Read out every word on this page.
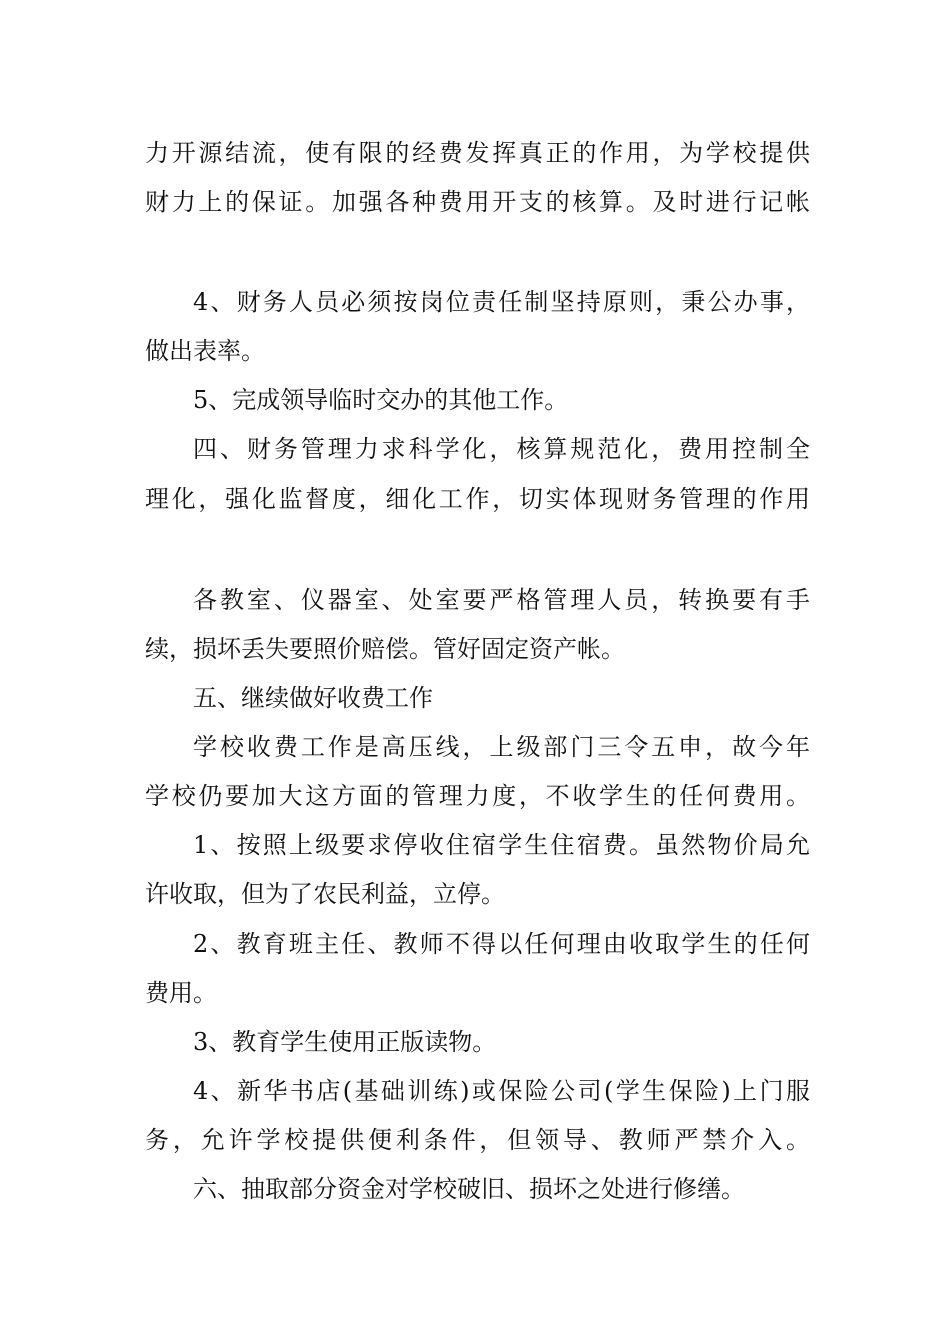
力开源结流，使有限的经费发挥真正的作用，为学校提供
财力上的保证。加强各种费用开支的核算。及时进行记帐
4、财务人员必须按岗位责任制坚持原则，秉公办事，
做出表率。
5、完成领导临时交办的其他工作。
四、财务管理力求科学化，核算规范化，费用控制全
理化，强化监督度，细化工作，切实体现财务管理的作用
各教室、仪器室、处室要严格管理人员，转换要有手
续，损坏丢失要照价赔偿。管好固定资产帐。
五、继续做好收费工作
学校收费工作是高压线，上级部门三令五申，故今年
学校仍要加大这方面的管理力度，不收学生的任何费用。
1、按照上级要求停收住宿学生住宿费。虽然物价局允
许收取，但为了农民利益，立停。
2、教育班主任、教师不得以任何理由收取学生的任何
费用。
3、教育学生使用正版读物。
4、新华书店(基础训练)或保险公司(学生保险)上门服
务，允许学校提供便利条件，但领导、教师严禁介入。
六、抽取部分资金对学校破旧、损坏之处进行修缮。
